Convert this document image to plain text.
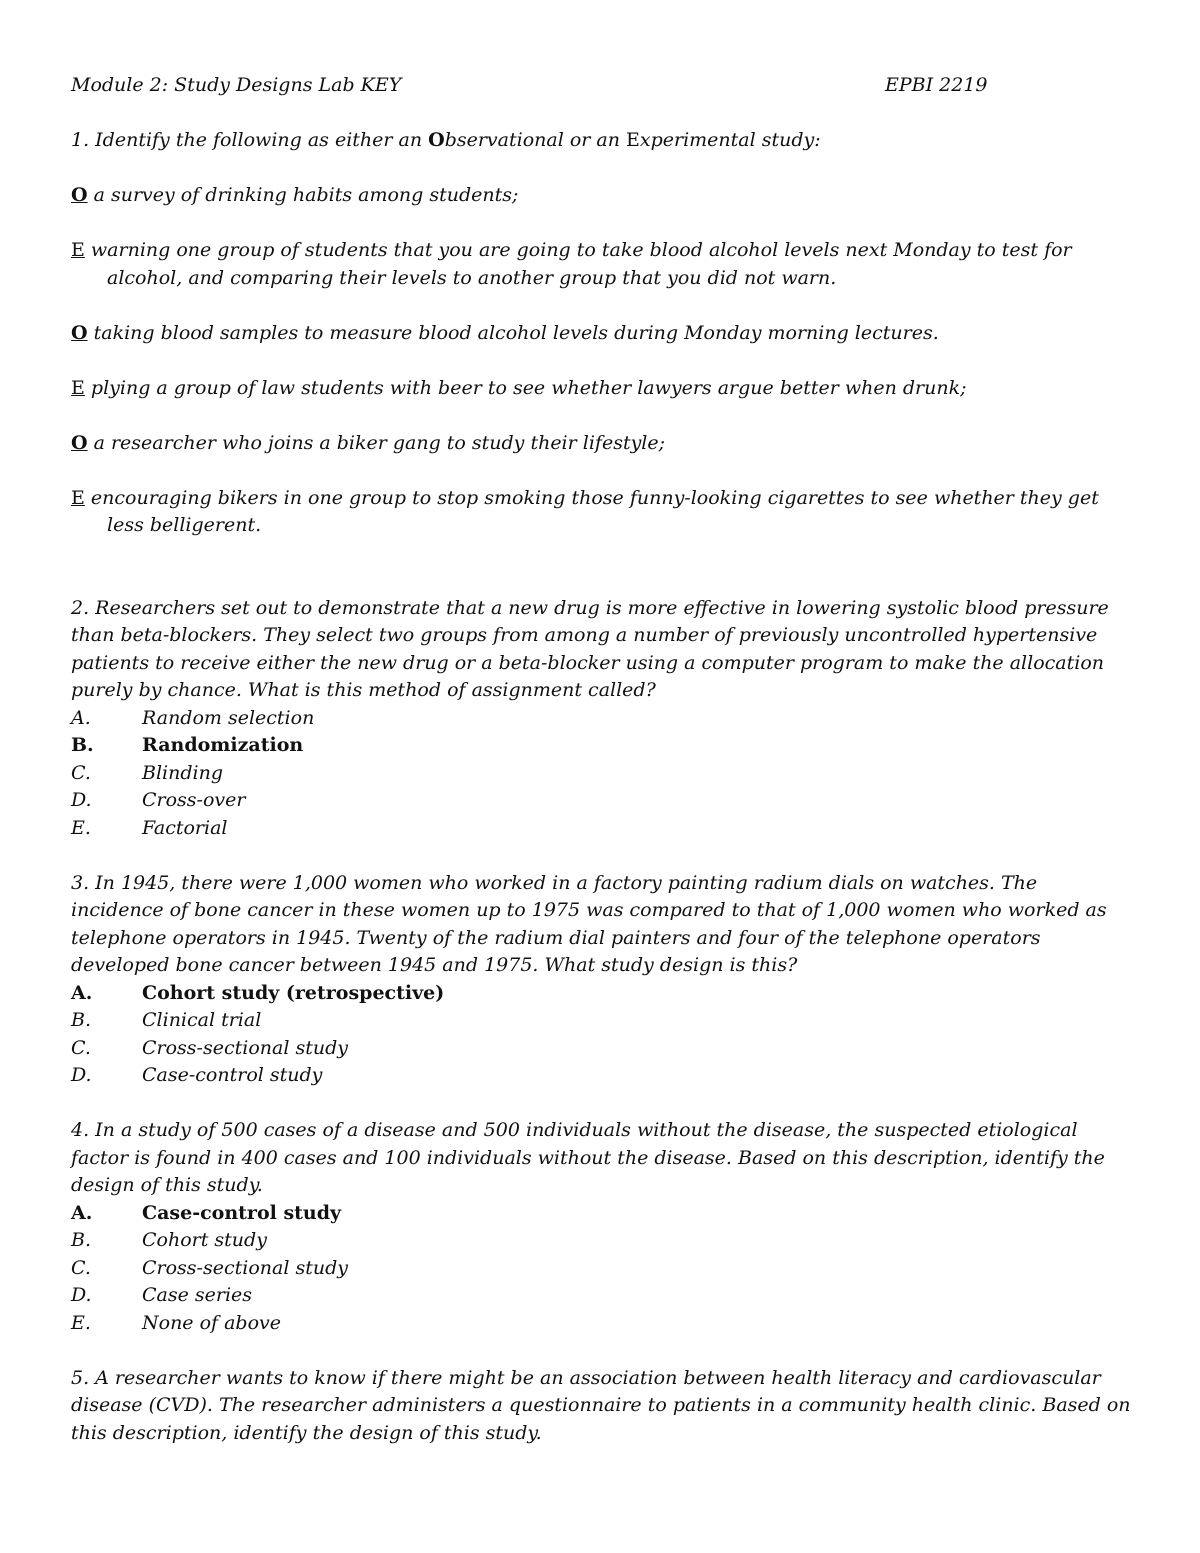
Module 2: Study Designs Lab KEY	EPBI 2219

1. Identify the following as either an Observational or an Experimental study:

O a survey of drinking habits among students;

E warning one group of students that you are going to take blood alcohol levels next Monday to test for alcohol, and comparing their levels to another group that you did not warn.

O taking blood samples to measure blood alcohol levels during Monday morning lectures.

E plying a group of law students with beer to see whether lawyers argue better when drunk;

O a researcher who joins a biker gang to study their lifestyle;

E encouraging bikers in one group to stop smoking those funny-looking cigarettes to see whether they get less belligerent.

2. Researchers set out to demonstrate that a new drug is more effective in lowering systolic blood pressure than beta-blockers. They select two groups from among a number of previously uncontrolled hypertensive patients to receive either the new drug or a beta-blocker using a computer program to make the allocation purely by chance. What is this method of assignment called?

A.	Random selection
B.	Randomization
C.	Blinding
D.	Cross-over
E.	Factorial

3. In 1945, there were 1,000 women who worked in a factory painting radium dials on watches. The incidence of bone cancer in these women up to 1975 was compared to that of 1,000 women who worked as telephone operators in 1945. Twenty of the radium dial painters and four of the telephone operators developed bone cancer between 1945 and 1975. What study design is this?

A.	Cohort study (retrospective)
B.	Clinical trial
C.	Cross-sectional study
D.	Case-control study

4. In a study of 500 cases of a disease and 500 individuals without the disease, the suspected etiological factor is found in 400 cases and 100 individuals without the disease. Based on this description, identify the design of this study.

A.	Case-control study
B.	Cohort study
C.	Cross-sectional study
D.	Case series
E.	None of above

5. A researcher wants to know if there might be an association between health literacy and cardiovascular disease (CVD). The researcher administers a questionnaire to patients in a community health clinic. Based on this description, identify the design of this study.
